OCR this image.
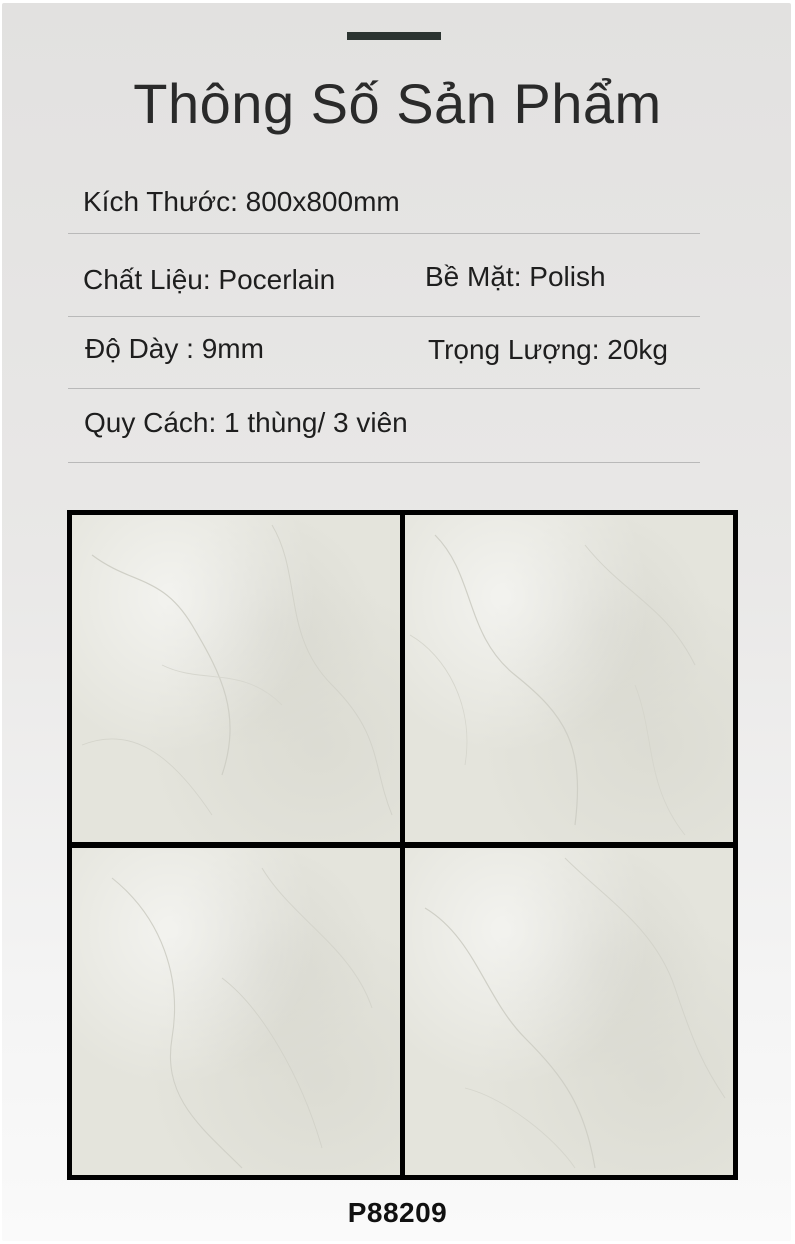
Thông Số Sản Phẩm
Kích Thước: 800x800mm
Chất Liệu: Pocerlain	Bề Mặt: Polish
Độ Dày : 9mm	Trọng Lượng: 20kg
Quy Cách: 1 thùng/ 3 viên
P88209
